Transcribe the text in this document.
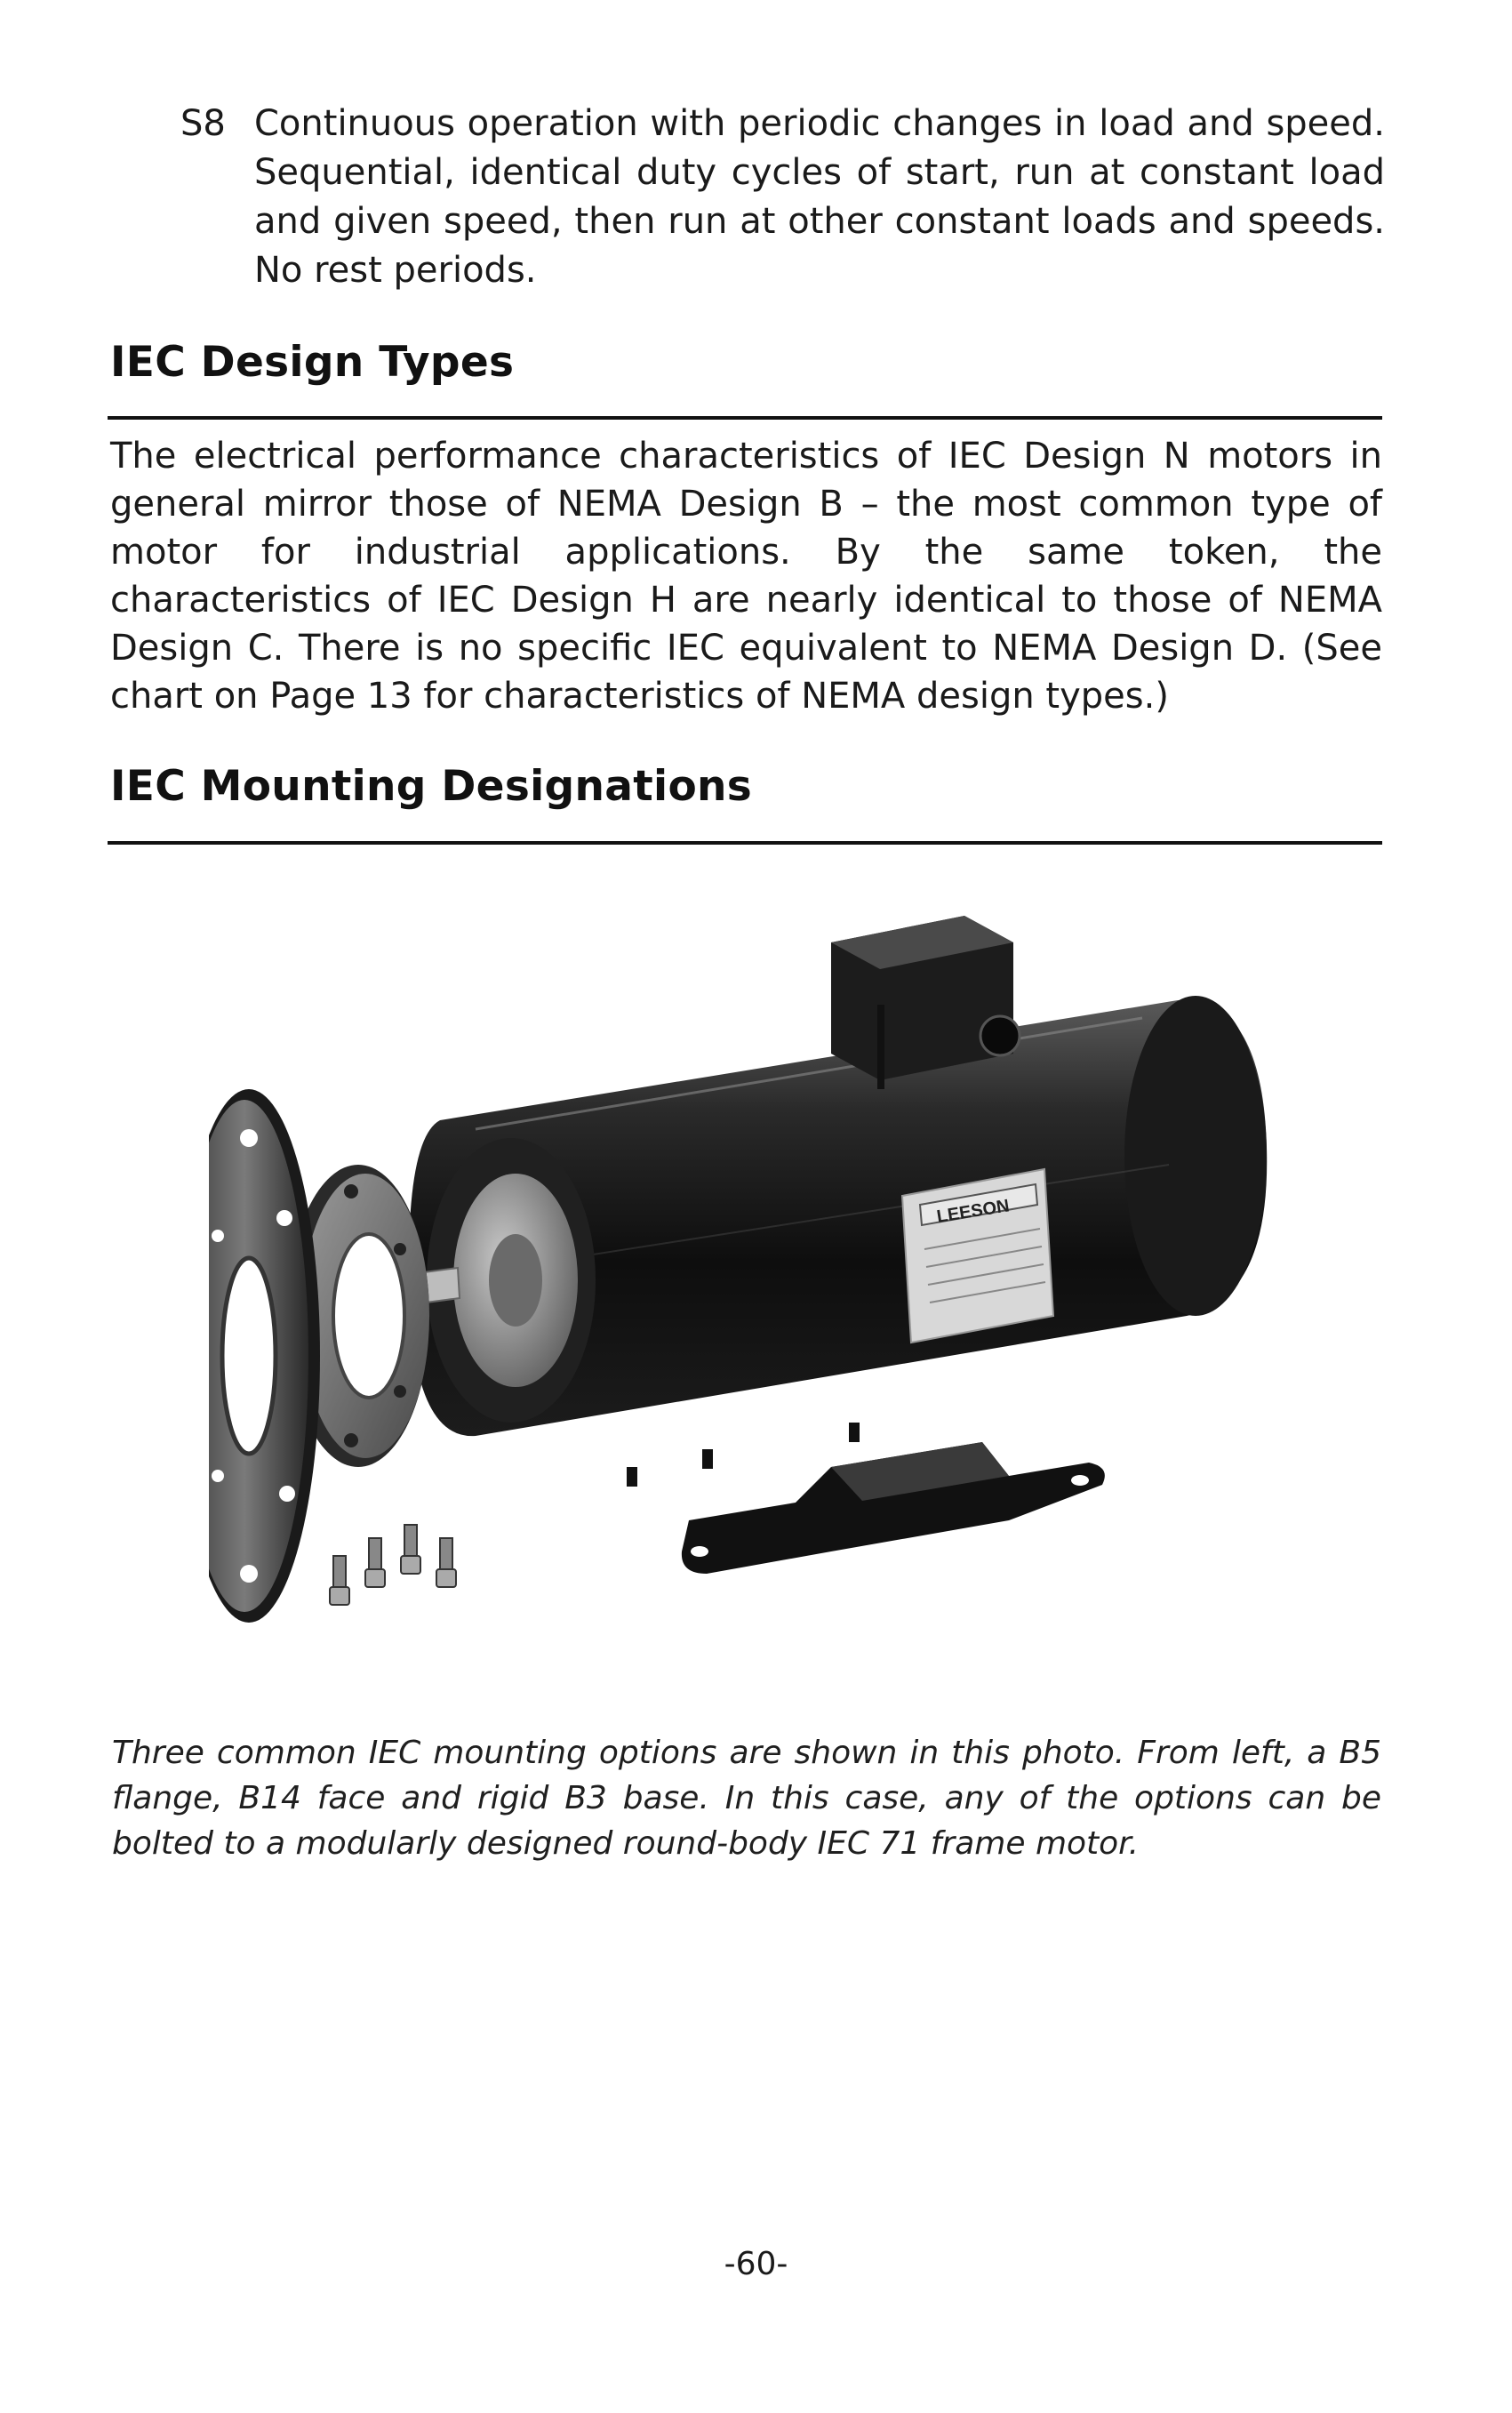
S8 Continuous operation with periodic changes in load and speed. Sequential, identical duty cycles of start, run at constant load and given speed, then run at other constant loads and speeds. No rest periods.
IEC Design Types

The electrical performance characteristics of IEC Design N motors in general mirror those of NEMA Design B – the most common type of motor for industrial applications. By the same token, the characteristics of IEC Design H are nearly identical to those of NEMA Design C. There is no specific IEC equivalent to NEMA Design D. (See chart on Page 13 for characteristics of NEMA design types.)

IEC Mounting Designations
LEESON

Three common IEC mounting options are shown in this photo. From left, a B5 flange, B14 face and rigid B3 base. In this case, any of the options can be bolted to a modularly designed round-body IEC 71 frame motor.

-60-
